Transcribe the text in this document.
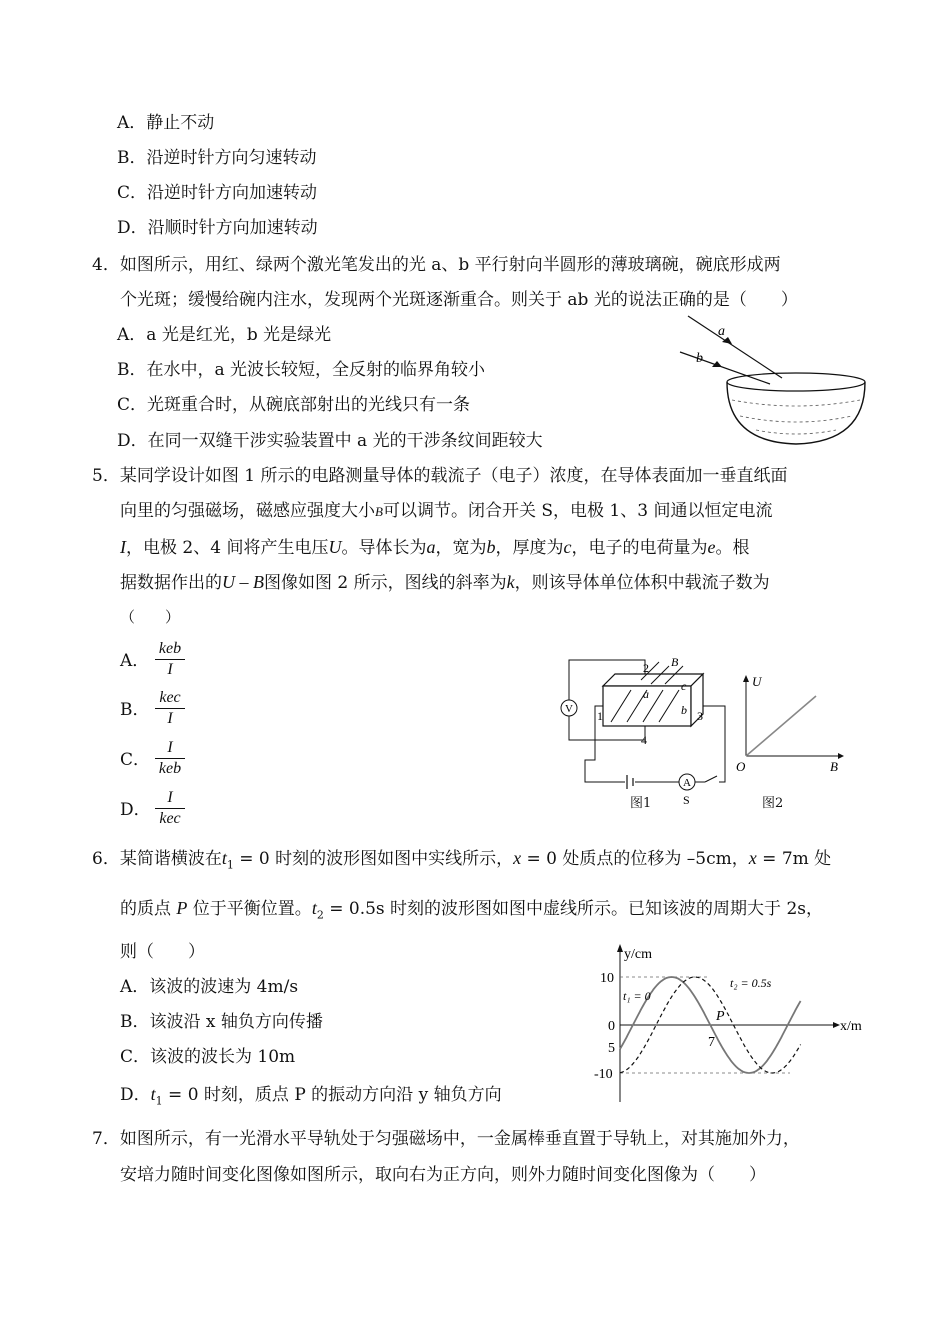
A．静止不动
B．沿逆时针方向匀速转动
C．沿逆时针方向加速转动
D．沿顺时针方向加速转动
4．如图所示，用红、绿两个激光笔发出的光 a、b 平行射向半圆形的薄玻璃碗，碗底形成两
个光斑；缓慢给碗内注水，发现两个光斑逐渐重合。则关于 ab 光的说法正确的是（　　）
A．a 光是红光，b 光是绿光
B．在水中，a 光波长较短，全反射的临界角较小
C．光斑重合时，从碗底部射出的光线只有一条
D．在同一双缝干涉实验装置中 a 光的干涉条纹间距较大
a
b
5．某同学设计如图 1 所示的电路测量导体的载流子（电子）浓度，在导体表面加一垂直纸面
向里的匀强磁场，磁感应强度大小B可以调节。闭合开关 S，电极 1、3 间通以恒定电流
I，电极 2、4 间将产生电压U。导体长为a，宽为b，厚度为c，电子的电荷量为e。根
据数据作出的U – B图像如图 2 所示，图线的斜率为k，则该导体单位体积中载流子数为
（　　）
A．
keb
I
B．
kec
I
C．
I
keb
D．
I
kec
B
2
a
c
b
1	3
4
V
A
S
图1
U
O	B
图2
6．某简谐横波在$t_1 = 0$ 时刻的波形图如图中实线所示，x = 0 处质点的位移为 –5cm，x = 7m 处
的质点 P 位于平衡位置。$t_2 = 0.5s$ 时刻的波形图如图中虚线所示。已知该波的周期大于 2s，
则（　　）
A．该波的波速为 4m/s
B．该波沿 x 轴负方向传播
C．该波的波长为 10m
D．$t_1 = 0$ 时刻，质点 P 的振动方向沿 y 轴负方向
y/cm
x/m
10
0
5
-10
7
P
t₁ = 0
t₂ = 0.5s
7．如图所示，有一光滑水平导轨处于匀强磁场中，一金属棒垂直置于导轨上，对其施加外力，
安培力随时间变化图像如图所示，取向右为正方向，则外力随时间变化图像为（　　）
